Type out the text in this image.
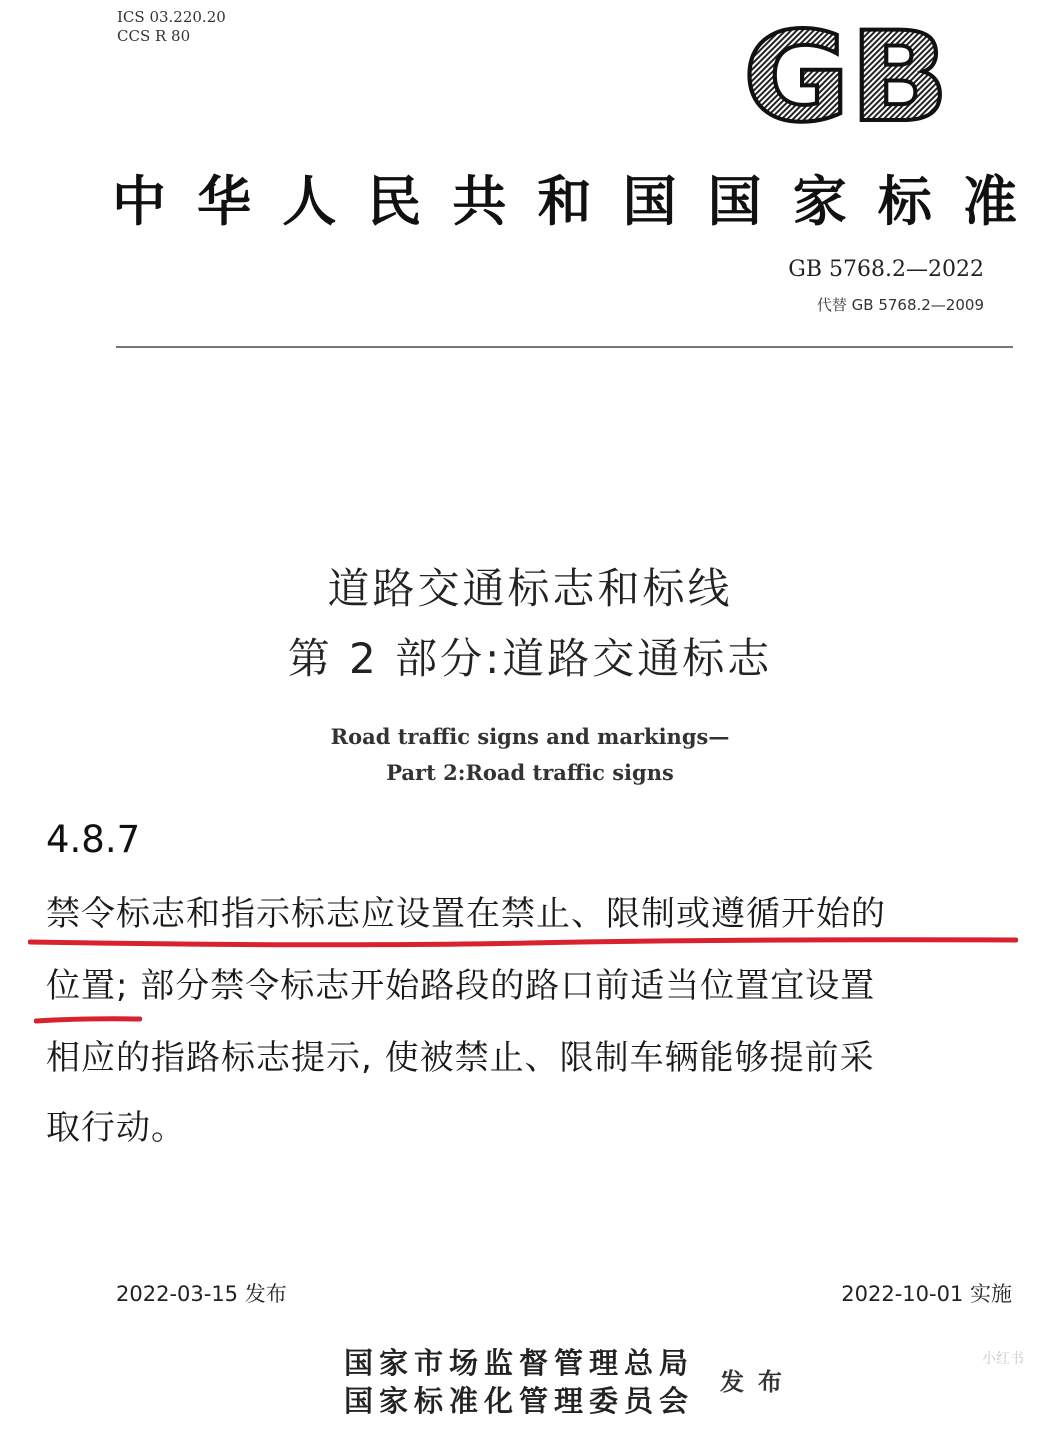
ICS 03.220.20
CCS R 80	GB
中 华 人 民 共 和 国 国 家 标 准
GB 5768.2—2022
代替 GB 5768.2—2009
道路交通标志和标线
第 2 部分:道路交通标志
Road traffic signs and markings—
Part 2:Road traffic signs
4.8.7
禁令标志和指示标志应设置在禁止、限制或遵循开始的
位置; 部分禁令标志开始路段的路口前适当位置宜设置
相应的指路标志提示, 使被禁止、限制车辆能够提前采
取行动。
2022-03-15 发布	2022-10-01 实施
国家市场监督管理总局
国家标准化管理委员会
发布
小红书
